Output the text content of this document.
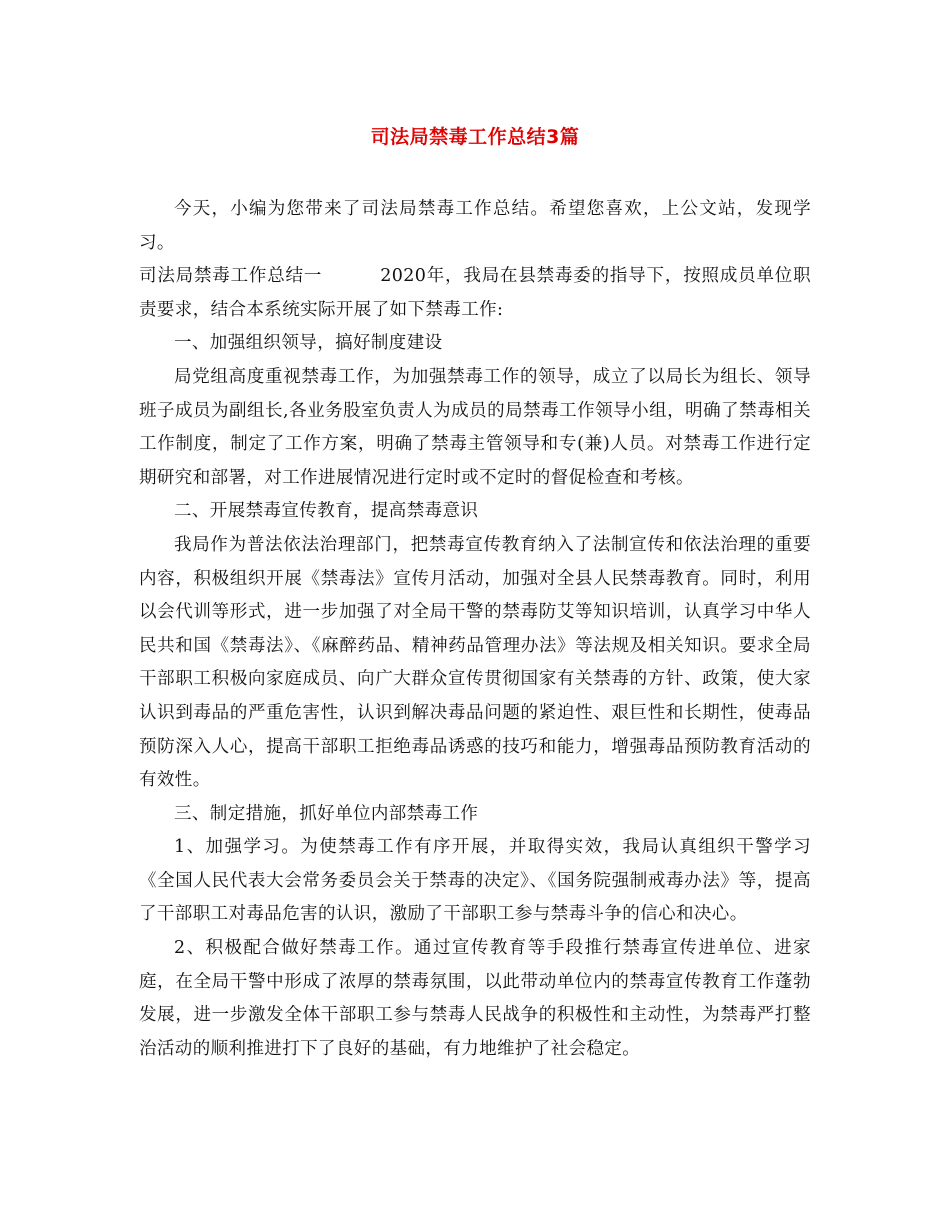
司法局禁毒工作总结3篇

今天，小编为您带来了司法局禁毒工作总结。希望您喜欢，上公文站，发现学习。

司法局禁毒工作总结一	2020年，我局在县禁毒委的指导下，按照成员单位职责要求，结合本系统实际开展了如下禁毒工作:

一、加强组织领导，搞好制度建设

局党组高度重视禁毒工作，为加强禁毒工作的领导，成立了以局长为组长、领导班子成员为副组长,各业务股室负责人为成员的局禁毒工作领导小组，明确了禁毒相关工作制度，制定了工作方案，明确了禁毒主管领导和专(兼)人员。对禁毒工作进行定期研究和部署，对工作进展情况进行定时或不定时的督促检查和考核。

二、开展禁毒宣传教育，提高禁毒意识

我局作为普法依法治理部门，把禁毒宣传教育纳入了法制宣传和依法治理的重要内容，积极组织开展《禁毒法》宣传月活动，加强对全县人民禁毒教育。同时，利用以会代训等形式，进一步加强了对全局干警的禁毒防艾等知识培训，认真学习中华人民共和国《禁毒法》、《麻醉药品、精神药品管理办法》等法规及相关知识。要求全局干部职工积极向家庭成员、向广大群众宣传贯彻国家有关禁毒的方针、政策，使大家认识到毒品的严重危害性，认识到解决毒品问题的紧迫性、艰巨性和长期性，使毒品预防深入人心，提高干部职工拒绝毒品诱惑的技巧和能力，增强毒品预防教育活动的有效性。

三、制定措施，抓好单位内部禁毒工作

1、加强学习。为使禁毒工作有序开展，并取得实效，我局认真组织干警学习《全国人民代表大会常务委员会关于禁毒的决定》、《国务院强制戒毒办法》等，提高了干部职工对毒品危害的认识，激励了干部职工参与禁毒斗争的信心和决心。

2、积极配合做好禁毒工作。通过宣传教育等手段推行禁毒宣传进单位、进家庭，在全局干警中形成了浓厚的禁毒氛围，以此带动单位内的禁毒宣传教育工作蓬勃发展，进一步激发全体干部职工参与禁毒人民战争的积极性和主动性，为禁毒严打整治活动的顺利推进打下了良好的基础，有力地维护了社会稳定。
